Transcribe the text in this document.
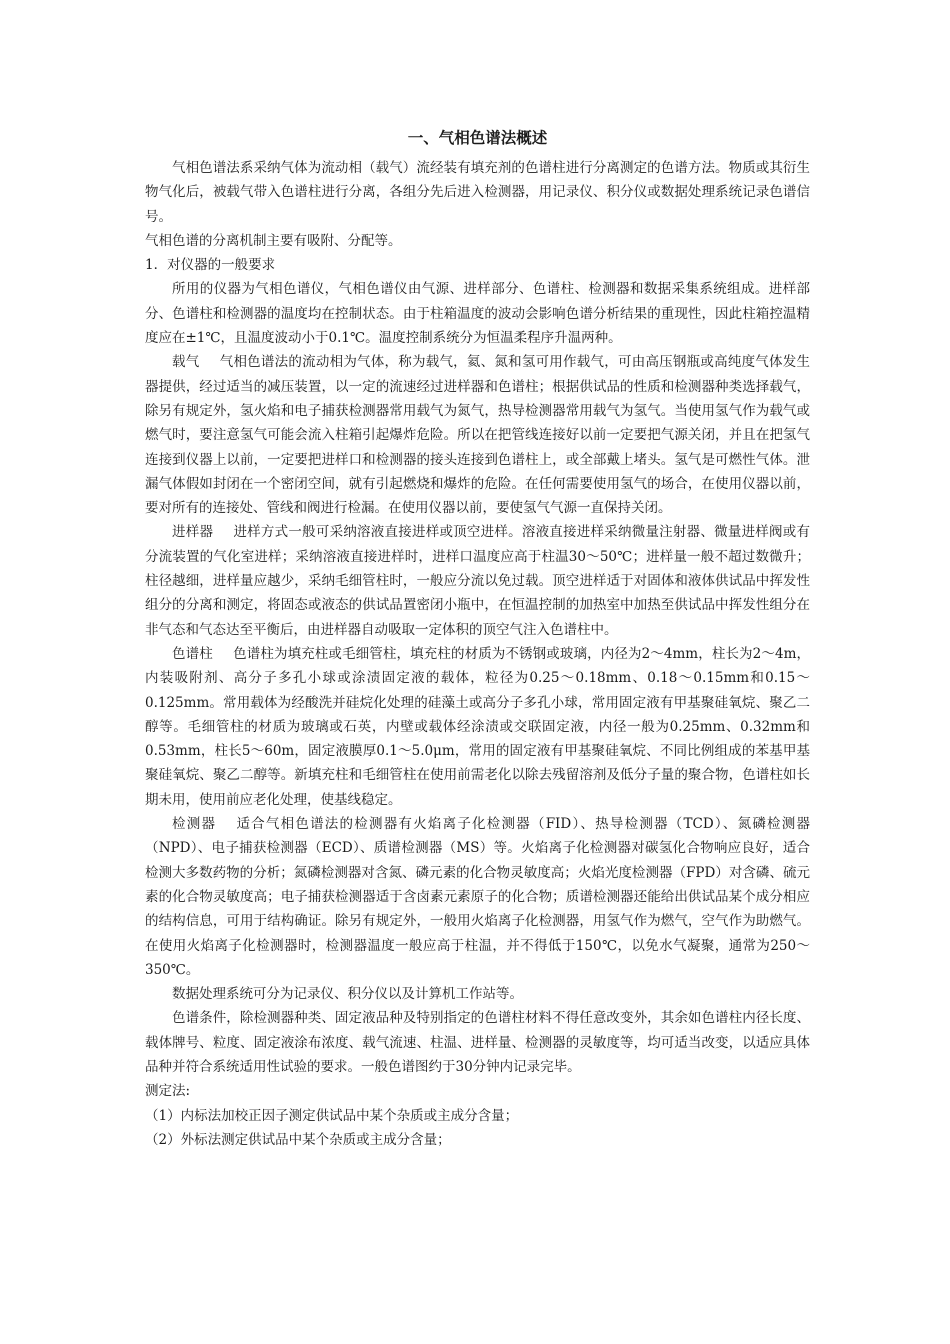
一、气相色谱法概述

气相色谱法系采纳气体为流动相（载气）流经装有填充剂的色谱柱进行分离测定的色谱方法。物质或其衍生物气化后，被载气带入色谱柱进行分离，各组分先后进入检测器，用记录仪、积分仪或数据处理系统记录色谱信号。

气相色谱的分离机制主要有吸附、分配等。

1．对仪器的一般要求

所用的仪器为气相色谱仪，气相色谱仪由气源、进样部分、色谱柱、检测器和数据采集系统组成。进样部分、色谱柱和检测器的温度均在控制状态。由于柱箱温度的波动会影响色谱分析结果的重现性，因此柱箱控温精度应在±1℃，且温度波动小于0.1℃。温度控制系统分为恒温柔程序升温两种。

载气 气相色谱法的流动相为气体，称为载气，氦、氮和氢可用作载气，可由高压钢瓶或高纯度气体发生器提供，经过适当的减压装置，以一定的流速经过进样器和色谱柱；根据供试品的性质和检测器种类选择载气，除另有规定外，氢火焰和电子捕获检测器常用载气为氮气，热导检测器常用载气为氢气。当使用氢气作为载气或燃气时，要注意氢气可能会流入柱箱引起爆炸危险。所以在把管线连接好以前一定要把气源关闭，并且在把氢气连接到仪器上以前，一定要把进样口和检测器的接头连接到色谱柱上，或全部戴上堵头。氢气是可燃性气体。泄漏气体假如封闭在一个密闭空间，就有引起燃烧和爆炸的危险。在任何需要使用氢气的场合，在使用仪器以前，要对所有的连接处、管线和阀进行检漏。在使用仪器以前，要使氢气气源一直保持关闭。

进样器 进样方式一般可采纳溶液直接进样或顶空进样。溶液直接进样采纳微量注射器、微量进样阀或有分流装置的气化室进样；采纳溶液直接进样时，进样口温度应高于柱温30～50℃；进样量一般不超过数微升；柱径越细，进样量应越少，采纳毛细管柱时，一般应分流以免过载。顶空进样适于对固体和液体供试品中挥发性组分的分离和测定，将固态或液态的供试品置密闭小瓶中，在恒温控制的加热室中加热至供试品中挥发性组分在非气态和气态达至平衡后，由进样器自动吸取一定体积的顶空气注入色谱柱中。

色谱柱 色谱柱为填充柱或毛细管柱，填充柱的材质为不锈钢或玻璃，内径为2～4mm，柱长为2～4m，内装吸附剂、高分子多孔小球或涂渍固定液的载体，粒径为0.25～0.18mm、0.18～0.15mm和0.15～0.125mm。常用载体为经酸洗并硅烷化处理的硅藻土或高分子多孔小球，常用固定液有甲基聚硅氧烷、聚乙二醇等。毛细管柱的材质为玻璃或石英，内壁或载体经涂渍或交联固定液，内径一般为0.25mm、0.32mm和0.53mm，柱长5～60m，固定液膜厚0.1～5.0μm，常用的固定液有甲基聚硅氧烷、不同比例组成的苯基甲基聚硅氧烷、聚乙二醇等。新填充柱和毛细管柱在使用前需老化以除去残留溶剂及低分子量的聚合物，色谱柱如长期未用，使用前应老化处理，使基线稳定。

检测器 适合气相色谱法的检测器有火焰离子化检测器（FID）、热导检测器（TCD）、氮磷检测器（NPD）、电子捕获检测器（ECD）、质谱检测器（MS）等。火焰离子化检测器对碳氢化合物响应良好，适合检测大多数药物的分析；氮磷检测器对含氮、磷元素的化合物灵敏度高；火焰光度检测器（FPD）对含磷、硫元素的化合物灵敏度高；电子捕获检测器适于含卤素元素原子的化合物；质谱检测器还能给出供试品某个成分相应的结构信息，可用于结构确证。除另有规定外，一般用火焰离子化检测器，用氢气作为燃气，空气作为助燃气。在使用火焰离子化检测器时，检测器温度一般应高于柱温，并不得低于150℃，以免水气凝聚，通常为250～350℃。

数据处理系统可分为记录仪、积分仪以及计算机工作站等。

色谱条件，除检测器种类、固定液品种及特别指定的色谱柱材料不得任意改变外，其余如色谱柱内径长度、载体牌号、粒度、固定液涂布浓度、载气流速、柱温、进样量、检测器的灵敏度等，均可适当改变，以适应具体品种并符合系统适用性试验的要求。一般色谱图约于30分钟内记录完毕。

测定法:

（1）内标法加校正因子测定供试品中某个杂质或主成分含量；

（2）外标法测定供试品中某个杂质或主成分含量；
